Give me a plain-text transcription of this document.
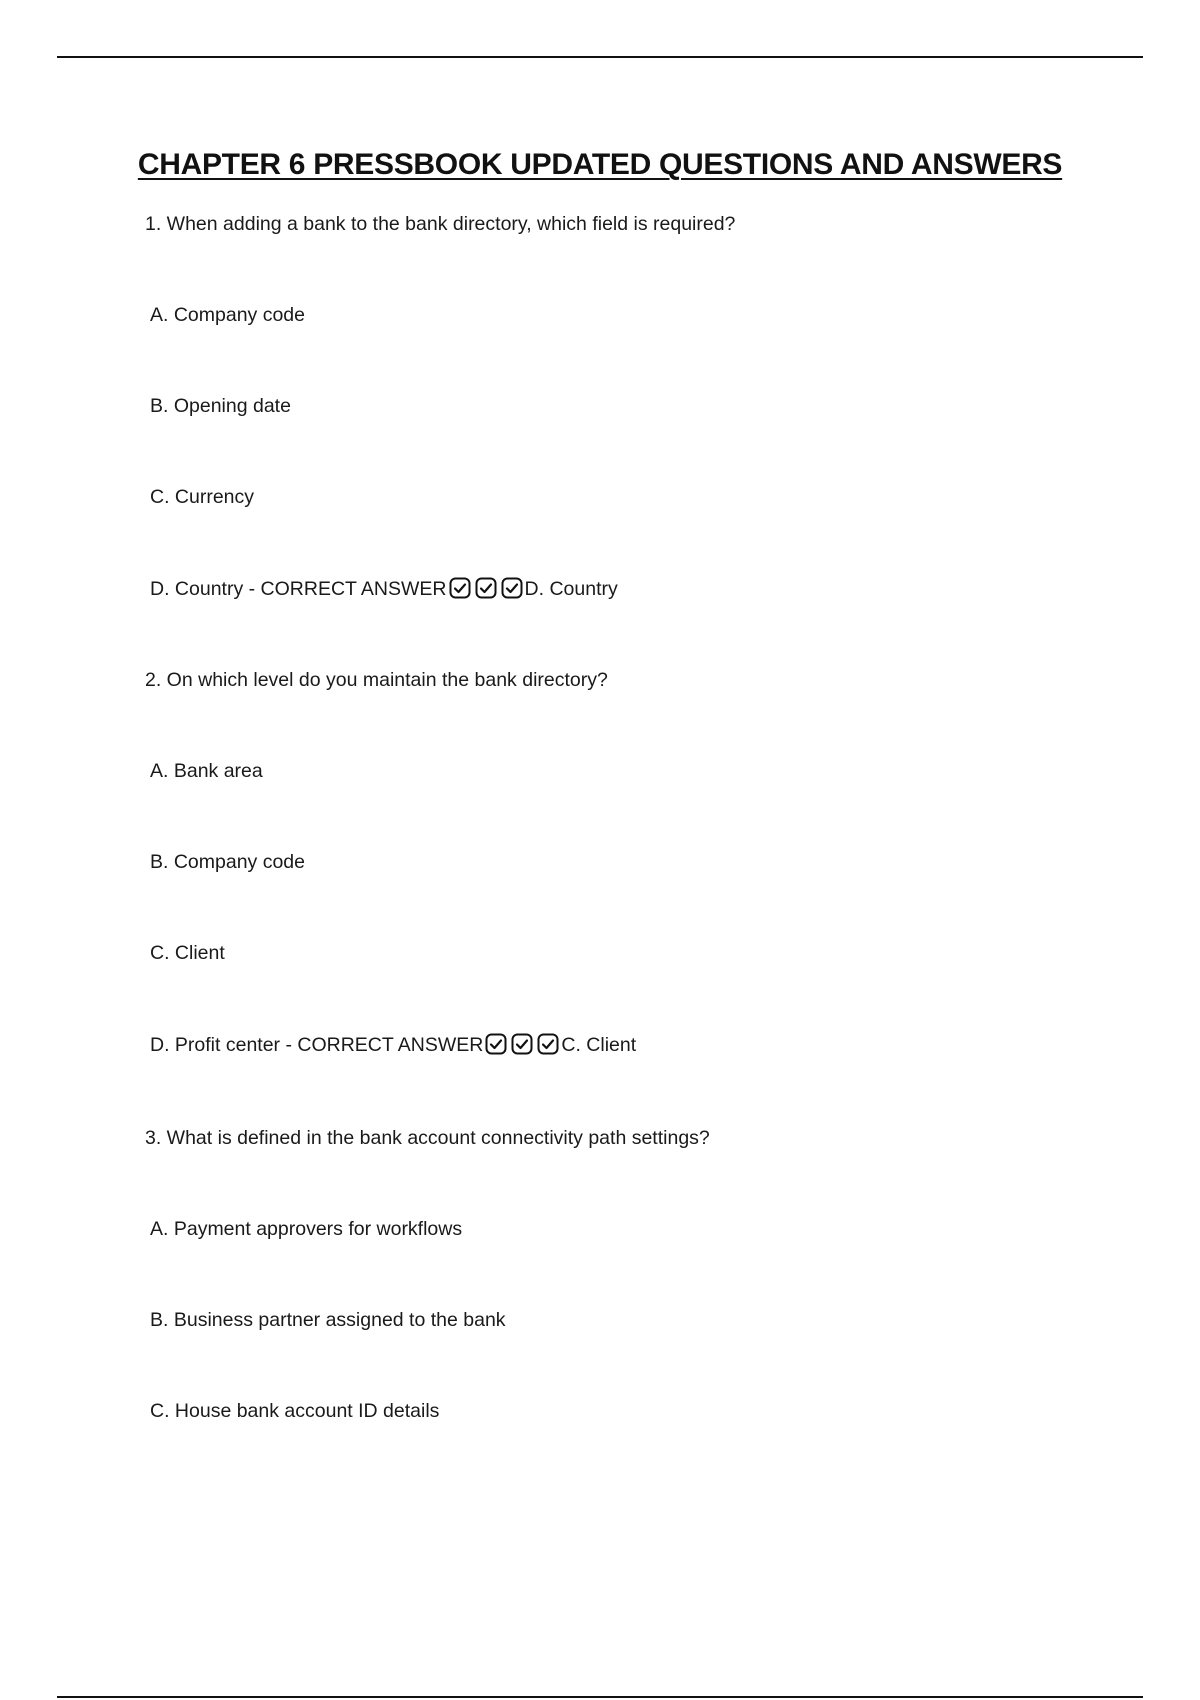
CHAPTER 6 PRESSBOOK UPDATED QUESTIONS AND ANSWERS
1. When adding a bank to the bank directory, which field is required?
A. Company code
B. Opening date
C. Currency
D. Country - CORRECT ANSWER	D. Country
2. On which level do you maintain the bank directory?
A. Bank area
B. Company code
C. Client
D. Profit center - CORRECT ANSWER	C. Client
3. What is defined in the bank account connectivity path settings?
A. Payment approvers for workflows
B. Business partner assigned to the bank
C. House bank account ID details
